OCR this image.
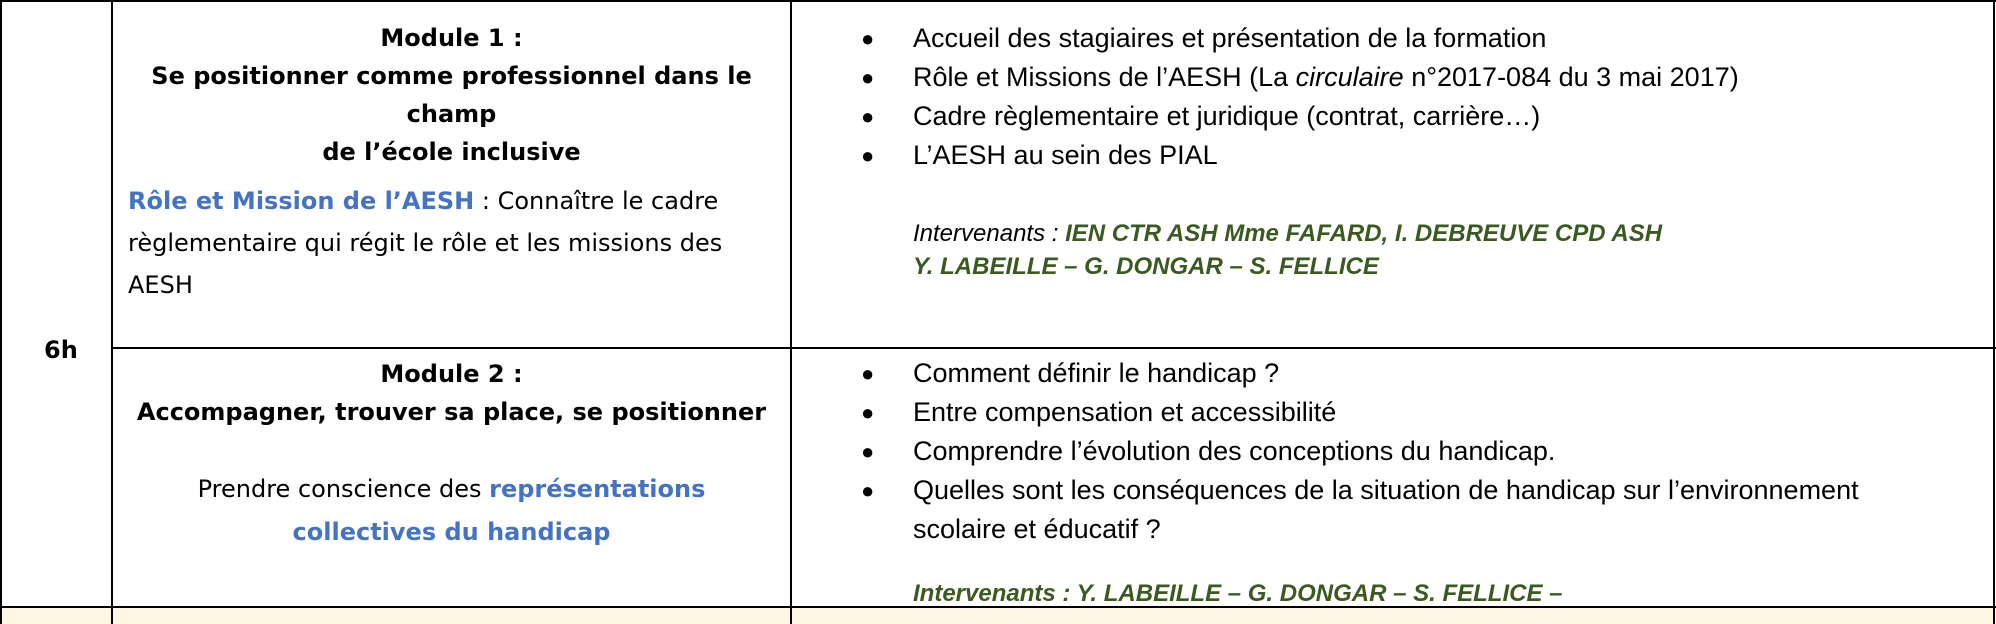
6h
Module 1 :
Se positionner comme professionnel dans le champ
de l’école inclusive
Rôle et Mission de l’AESH : Connaître le cadre
règlementaire qui régit le rôle et les missions des
AESH
● Accueil des stagiaires et présentation de la formation
● Rôle et Missions de l’AESH (La circulaire n°2017-084 du 3 mai 2017)
● Cadre règlementaire et juridique (contrat, carrière…)
● L’AESH au sein des PIAL
Intervenants : IEN CTR ASH Mme FAFARD, I. DEBREUVE CPD ASH
Y. LABEILLE – G. DONGAR – S. FELLICE
Module 2 :
Accompagner, trouver sa place, se positionner
Prendre conscience des représentations
collectives du handicap
● Comment définir le handicap ?
● Entre compensation et accessibilité
● Comprendre l’évolution des conceptions du handicap.
● Quelles sont les conséquences de la situation de handicap sur l’environnement
scolaire et éducatif ?
Intervenants : Y. LABEILLE – G. DONGAR – S. FELLICE –
